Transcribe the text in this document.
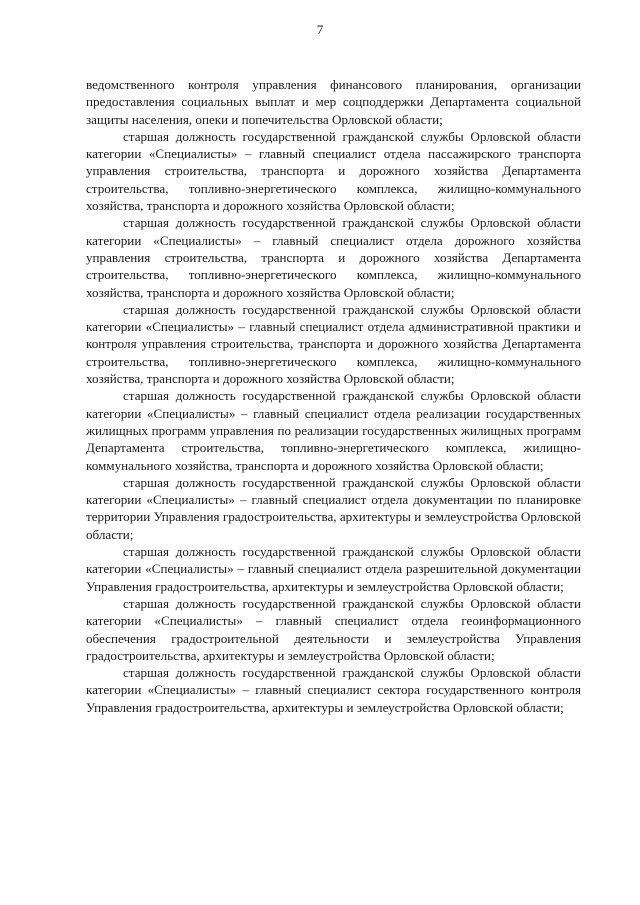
7

ведомственного контроля управления финансового планирования, организации предоставления социальных выплат и мер соцподдержки Департамента социальной защиты населения, опеки и попечительства Орловской области;

старшая должность государственной гражданской службы Орловской области категории «Специалисты» – главный специалист отдела пассажирского транспорта управления строительства, транспорта и дорожного хозяйства Департамента строительства, топливно-энергетического комплекса, жилищно-коммунального хозяйства, транспорта и дорожного хозяйства Орловской области;

старшая должность государственной гражданской службы Орловской области категории «Специалисты» – главный специалист отдела дорожного хозяйства управления строительства, транспорта и дорожного хозяйства Департамента строительства, топливно-энергетического комплекса, жилищно-коммунального хозяйства, транспорта и дорожного хозяйства Орловской области;

старшая должность государственной гражданской службы Орловской области категории «Специалисты» – главный специалист отдела административной практики и контроля управления строительства, транспорта и дорожного хозяйства Департамента строительства, топливно-энергетического комплекса, жилищно-коммунального хозяйства, транспорта и дорожного хозяйства Орловской области;

старшая должность государственной гражданской службы Орловской области категории «Специалисты» – главный специалист отдела реализации государственных жилищных программ управления по реализации государственных жилищных программ Департамента строительства, топливно-энергетического комплекса, жилищно-коммунального хозяйства, транспорта и дорожного хозяйства Орловской области;

старшая должность государственной гражданской службы Орловской области категории «Специалисты» – главный специалист отдела документации по планировке территории Управления градостроительства, архитектуры и землеустройства Орловской области;

старшая должность государственной гражданской службы Орловской области категории «Специалисты» – главный специалист отдела разрешительной документации Управления градостроительства, архитектуры и землеустройства Орловской области;

старшая должность государственной гражданской службы Орловской области категории «Специалисты» – главный специалист отдела геоинформационного обеспечения градостроительной деятельности и землеустройства Управления градостроительства, архитектуры и землеустройства Орловской области;

старшая должность государственной гражданской службы Орловской области категории «Специалисты» – главный специалист сектора государственного контроля Управления градостроительства, архитектуры и землеустройства Орловской области;
